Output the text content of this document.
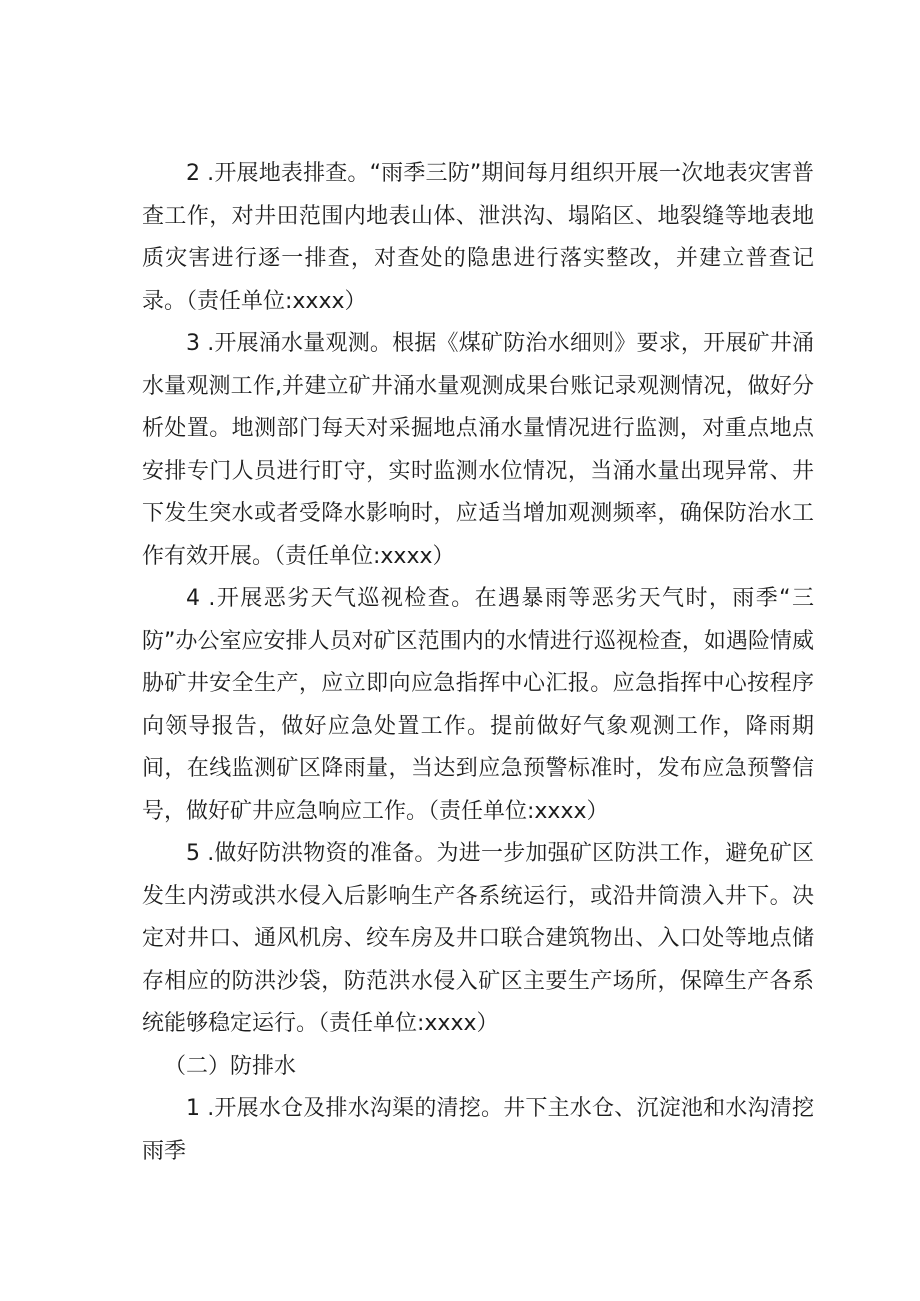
2 .开展地表排查。“雨季三防”期间每月组织开展一次地表灾害普查工作，对井田范围内地表山体、泄洪沟、塌陷区、地裂缝等地表地质灾害进行逐一排查，对查处的隐患进行落实整改，并建立普查记录。（责任单位:xxxx）

3 .开展涌水量观测。根据《煤矿防治水细则》要求，开展矿井涌水量观测工作,并建立矿井涌水量观测成果台账记录观测情况，做好分析处置。地测部门每天对采掘地点涌水量情况进行监测，对重点地点安排专门人员进行盯守，实时监测水位情况，当涌水量出现异常、井下发生突水或者受降水影响时，应适当增加观测频率，确保防治水工作有效开展。（责任单位:xxxx）

4 .开展恶劣天气巡视检查。在遇暴雨等恶劣天气时，雨季“三防”办公室应安排人员对矿区范围内的水情进行巡视检查，如遇险情威胁矿井安全生产，应立即向应急指挥中心汇报。应急指挥中心按程序向领导报告，做好应急处置工作。提前做好气象观测工作，降雨期间，在线监测矿区降雨量，当达到应急预警标准时，发布应急预警信号，做好矿井应急响应工作。（责任单位:xxxx）

5 .做好防洪物资的准备。为进一步加强矿区防洪工作，避免矿区发生内涝或洪水侵入后影响生产各系统运行，或沿井筒溃入井下。决定对井口、通风机房、绞车房及井口联合建筑物出、入口处等地点储存相应的防洪沙袋，防范洪水侵入矿区主要生产场所，保障生产各系统能够稳定运行。（责任单位:xxxx）

（二）防排水

1 .开展水仓及排水沟渠的清挖。井下主水仓、沉淀池和水沟清挖雨季
